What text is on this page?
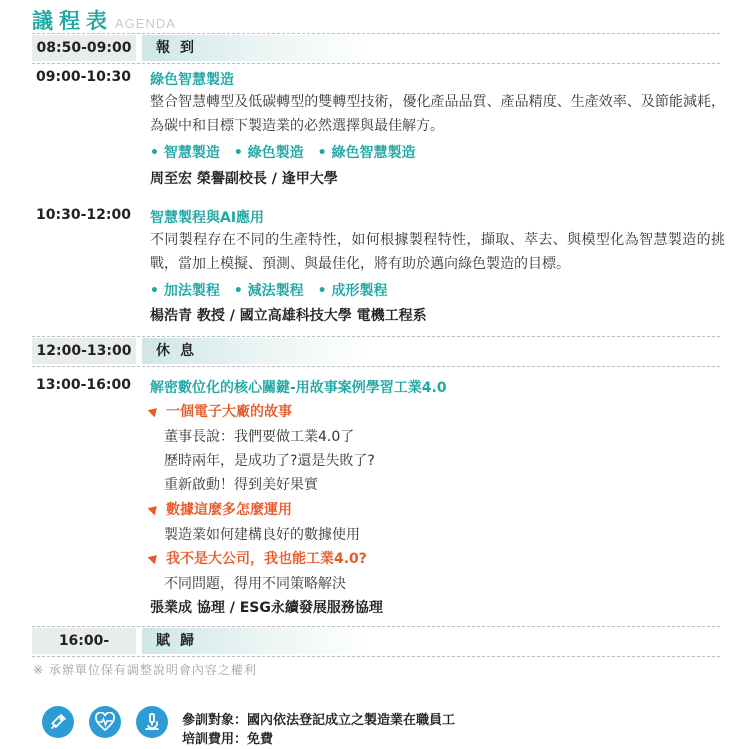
議程表 AGENDA
08:50-09:00	報到
09:00-10:30 綠色智慧製造
整合智慧轉型及低碳轉型的雙轉型技術，優化產品品質、產品精度、生產效率、及節能減耗，為碳中和目標下製造業的必然選擇與最佳解方。
• 智慧製造	• 綠色製造	• 綠色智慧製造
周至宏 榮譽副校長 / 逢甲大學
10:30-12:00 智慧製程與AI應用
不同製程存在不同的生產特性，如何根據製程特性，擷取、萃去、與模型化為智慧製造的挑戰，當加上模擬、預測、與最佳化，將有助於邁向綠色製造的目標。
• 加法製程	• 減法製程	• 成形製程
楊浩青 教授 / 國立高雄科技大學 電機工程系
12:00-13:00	休息
13:00-16:00 解密數位化的核心關鍵-用故事案例學習工業4.0
一個電子大廠的故事
董事長說：我們要做工業4.0了
歷時兩年，是成功了?還是失敗了?
重新啟動！得到美好果實
數據這麼多怎麼運用
製造業如何建構良好的數據使用
我不是大公司，我也能工業4.0?
不同問題，得用不同策略解決
張業成 協理 / ESG永續發展服務協理
16:00-	賦歸
※ 承辦單位保有調整說明會內容之權利
參訓對象：國內依法登記成立之製造業在職員工
培訓費用：免費
